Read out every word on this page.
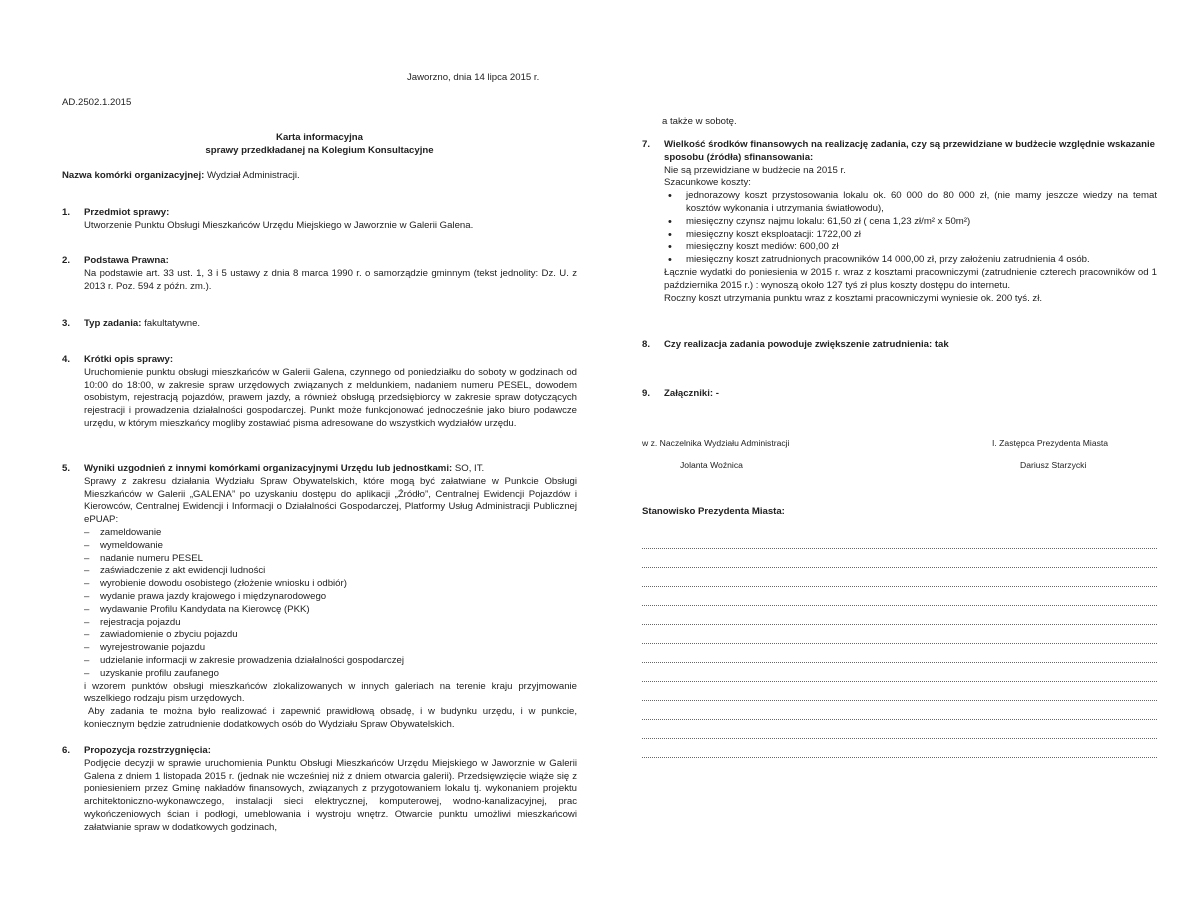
Jaworzno, dnia 14 lipca 2015 r.
AD.2502.1.2015
Karta informacyjna
sprawy przedkładanej na Kolegium Konsultacyjne
Nazwa komórki organizacyjnej: Wydział Administracji.
1.	Przedmiot sprawy:
Utworzenie Punktu Obsługi Mieszkańców Urzędu Miejskiego w Jaworznie w Galerii Galena.
2.	Podstawa Prawna:
Na podstawie art. 33 ust. 1, 3 i 5 ustawy z dnia 8 marca 1990 r. o samorządzie gminnym (tekst jednolity: Dz. U. z 2013 r. Poz. 594 z późn. zm.).
3.	Typ zadania: fakultatywne.
4.	Krótki opis sprawy:
Uruchomienie punktu obsługi mieszkańców w Galerii Galena, czynnego od poniedziałku do soboty w godzinach od 10:00 do 18:00, w zakresie spraw urzędowych związanych z meldunkiem, nadaniem numeru PESEL, dowodem osobistym, rejestracją pojazdów, prawem jazdy, a również obsługą przedsiębiorcy w zakresie spraw dotyczących rejestracji i prowadzenia działalności gospodarczej. Punkt może funkcjonować jednocześnie jako biuro podawcze urzędu, w którym mieszkańcy mogliby zostawiać pisma adresowane do wszystkich wydziałów urzędu.
5.	Wyniki uzgodnień z innymi komórkami organizacyjnymi Urzędu lub jednostkami: SO, IT.
Sprawy z zakresu działania Wydziału Spraw Obywatelskich, które mogą być załatwiane w Punkcie Obsługi Mieszkańców w Galerii „GALENA” po uzyskaniu dostępu do aplikacji „Źródło”, Centralnej Ewidencji Pojazdów i Kierowców, Centralnej Ewidencji i Informacji o Działalności Gospodarczej, Platformy Usług Administracji Publicznej ePUAP:
– zameldowanie
– wymeldowanie
– nadanie numeru PESEL
– zaświadczenie z akt ewidencji ludności
– wyrobienie dowodu osobistego (złożenie wniosku i odbiór)
– wydanie prawa jazdy krajowego i międzynarodowego
– wydawanie Profilu Kandydata na Kierowcę (PKK)
– rejestracja pojazdu
– zawiadomienie o zbyciu pojazdu
– wyrejestrowanie pojazdu
– udzielanie informacji w zakresie prowadzenia działalności gospodarczej
– uzyskanie profilu zaufanego
i wzorem punktów obsługi mieszkańców zlokalizowanych w innych galeriach na terenie kraju przyjmowanie wszelkiego rodzaju pism urzędowych.
Aby zadania te można było realizować i zapewnić prawidłową obsadę, i w budynku urzędu, i w punkcie, koniecznym będzie zatrudnienie dodatkowych osób do Wydziału Spraw Obywatelskich.
6.	Propozycja rozstrzygnięcia:
Podjęcie decyzji w sprawie uruchomienia Punktu Obsługi Mieszkańców Urzędu Miejskiego w Jaworznie w Galerii Galena z dniem 1 listopada 2015 r. (jednak nie wcześniej niż z dniem otwarcia galerii). Przedsięwzięcie wiąże się z poniesieniem przez Gminę nakładów finansowych, związanych z przygotowaniem lokalu tj. wykonaniem projektu architektoniczno-wykonawczego, instalacji sieci elektrycznej, komputerowej, wodno-kanalizacyjnej, prac wykończeniowych ścian i podłogi, umeblowania i wystroju wnętrz. Otwarcie punktu umożliwi mieszkańcowi załatwianie spraw w dodatkowych godzinach,
a także w sobotę.
7.	Wielkość środków finansowych na realizację zadania, czy są przewidziane w budżecie względnie wskazanie sposobu (źródła) sfinansowania:
Nie są przewidziane w budżecie na 2015 r.
Szacunkowe koszty:
• jednorazowy koszt przystosowania lokalu ok. 60 000 do 80 000 zł, (nie mamy jeszcze wiedzy na temat kosztów wykonania i utrzymania światłowodu),
• miesięczny czynsz najmu lokalu: 61,50 zł ( cena 1,23 zł/m² x 50m²)
• miesięczny koszt eksploatacji: 1722,00 zł
• miesięczny koszt mediów: 600,00 zł
• miesięczny koszt zatrudnionych pracowników 14 000,00 zł, przy założeniu zatrudnienia 4 osób.
Łącznie wydatki do poniesienia w 2015 r. wraz z kosztami pracowniczymi (zatrudnienie czterech pracowników od 1 października 2015 r.) : wynoszą około 127 tyś zł plus koszty dostępu do internetu.
Roczny koszt utrzymania punktu wraz z kosztami pracowniczymi wyniesie ok. 200 tyś. zł.
8.	Czy realizacja zadania powoduje zwiększenie zatrudnienia: tak
9.	Załączniki: -
w z. Naczelnika Wydziału Administracji
Jolanta Woźnica
I. Zastępca Prezydenta Miasta
Dariusz Starzycki
Stanowisko Prezydenta Miasta:
